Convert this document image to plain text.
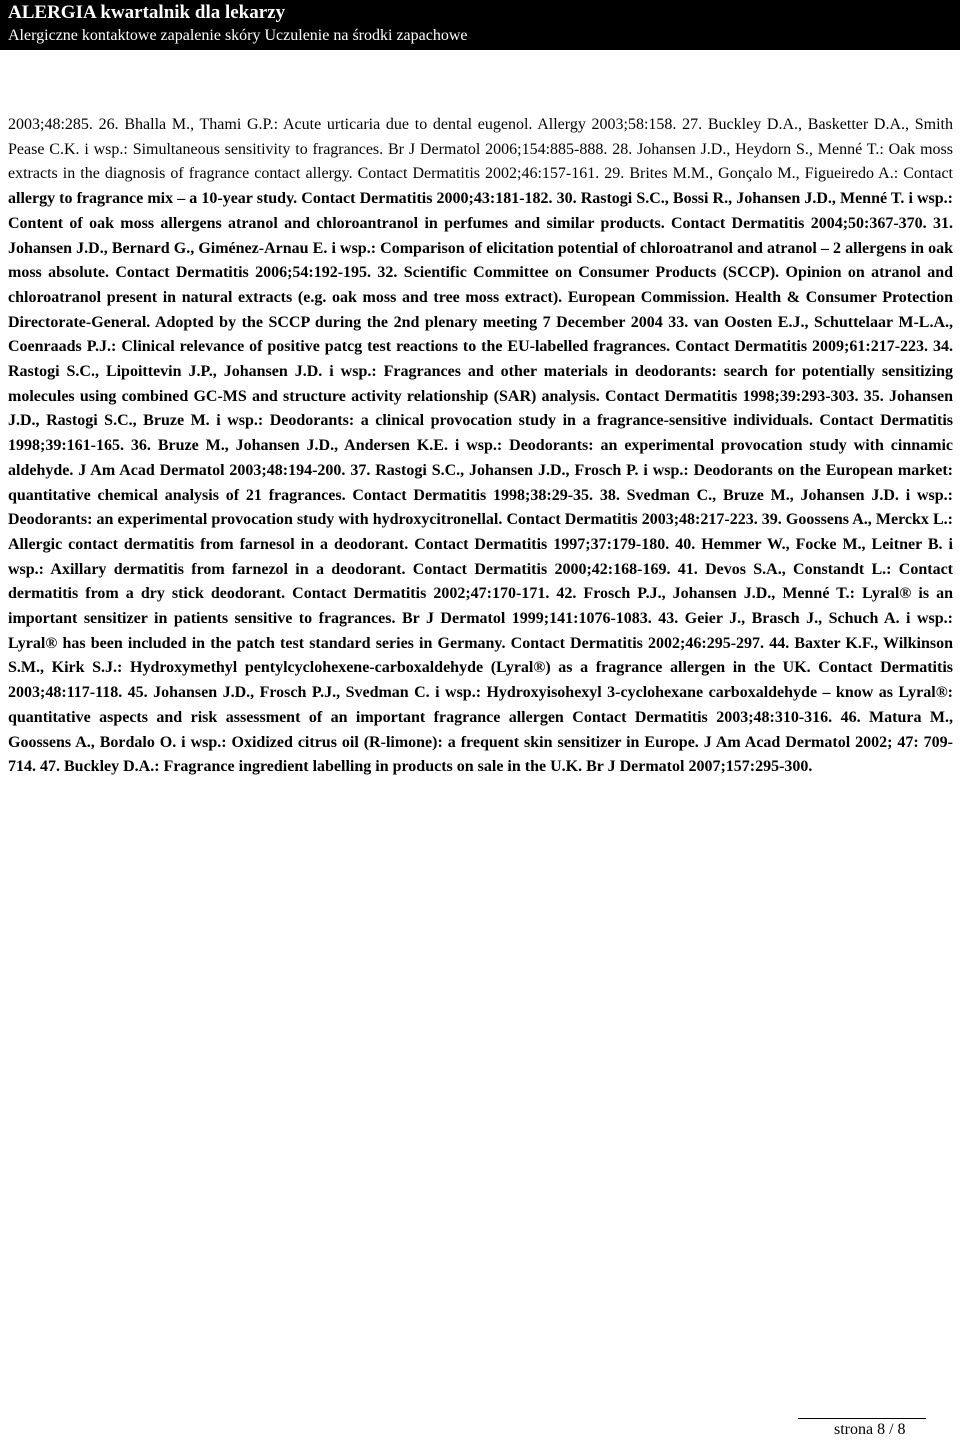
ALERGIA kwartalnik dla lekarzy
Alergiczne kontaktowe zapalenie skóry Uczulenie na środki zapachowe
2003;48:285. 26. Bhalla M., Thami G.P.: Acute urticaria due to dental eugenol. Allergy 2003;58:158. 27. Buckley D.A., Basketter D.A., Smith Pease C.K. i wsp.: Simultaneous sensitivity to fragrances. Br J Dermatol 2006;154:885-888. 28. Johansen J.D., Heydorn S., Menné T.: Oak moss extracts in the diagnosis of fragrance contact allergy. Contact Dermatitis 2002;46:157-161. 29. Brites M.M., Gonçalo M., Figueiredo A.: Contact allergy to fragrance mix – a 10-year study. Contact Dermatitis 2000;43:181-182. 30. Rastogi S.C., Bossi R., Johansen J.D., Menné T. i wsp.: Content of oak moss allergens atranol and chloroantranol in perfumes and similar products. Contact Dermatitis 2004;50:367-370. 31. Johansen J.D., Bernard G., Giménez-Arnau E. i wsp.: Comparison of elicitation potential of chloroatranol and atranol – 2 allergens in oak moss absolute. Contact Dermatitis 2006;54:192-195. 32. Scientific Committee on Consumer Products (SCCP). Opinion on atranol and chloroatranol present in natural extracts (e.g. oak moss and tree moss extract). European Commission. Health & Consumer Protection Directorate-General. Adopted by the SCCP during the 2nd plenary meeting 7 December 2004 33. van Oosten E.J., Schuttelaar M-L.A., Coenraads P.J.: Clinical relevance of positive patcg test reactions to the EU-labelled fragrances. Contact Dermatitis 2009;61:217-223. 34. Rastogi S.C., Lipoittevin J.P., Johansen J.D. i wsp.: Fragrances and other materials in deodorants: search for potentially sensitizing molecules using combined GC-MS and structure activity relationship (SAR) analysis. Contact Dermatitis 1998;39:293-303. 35. Johansen J.D., Rastogi S.C., Bruze M. i wsp.: Deodorants: a clinical provocation study in a fragrance-sensitive individuals. Contact Dermatitis 1998;39:161-165. 36. Bruze M., Johansen J.D., Andersen K.E. i wsp.: Deodorants: an experimental provocation study with cinnamic aldehyde. J Am Acad Dermatol 2003;48:194-200. 37. Rastogi S.C., Johansen J.D., Frosch P. i wsp.: Deodorants on the European market: quantitative chemical analysis of 21 fragrances. Contact Dermatitis 1998;38:29-35. 38. Svedman C., Bruze M., Johansen J.D. i wsp.: Deodorants: an experimental provocation study with hydroxycitronellal. Contact Dermatitis 2003;48:217-223. 39. Goossens A., Merckx L.: Allergic contact dermatitis from farnesol in a deodorant. Contact Dermatitis 1997;37:179-180. 40. Hemmer W., Focke M., Leitner B. i wsp.: Axillary dermatitis from farnezol in a deodorant. Contact Dermatitis 2000;42:168-169. 41. Devos S.A., Constandt L.: Contact dermatitis from a dry stick deodorant. Contact Dermatitis 2002;47:170-171. 42. Frosch P.J., Johansen J.D., Menné T.: Lyral® is an important sensitizer in patients sensitive to fragrances. Br J Dermatol 1999;141:1076-1083. 43. Geier J., Brasch J., Schuch A. i wsp.: Lyral® has been included in the patch test standard series in Germany. Contact Dermatitis 2002;46:295-297. 44. Baxter K.F., Wilkinson S.M., Kirk S.J.: Hydroxymethyl pentylcyclohexene-carboxaldehyde (Lyral®) as a fragrance allergen in the UK. Contact Dermatitis 2003;48:117-118. 45. Johansen J.D., Frosch P.J., Svedman C. i wsp.: Hydroxyisohexyl 3-cyclohexane carboxaldehyde – know as Lyral®: quantitative aspects and risk assessment of an important fragrance allergen Contact Dermatitis 2003;48:310-316. 46. Matura M., Goossens A., Bordalo O. i wsp.: Oxidized citrus oil (R-limone): a frequent skin sensitizer in Europe. J Am Acad Dermatol 2002; 47: 709-714. 47. Buckley D.A.: Fragrance ingredient labelling in products on sale in the U.K. Br J Dermatol 2007;157:295-300.
strona 8 / 8
